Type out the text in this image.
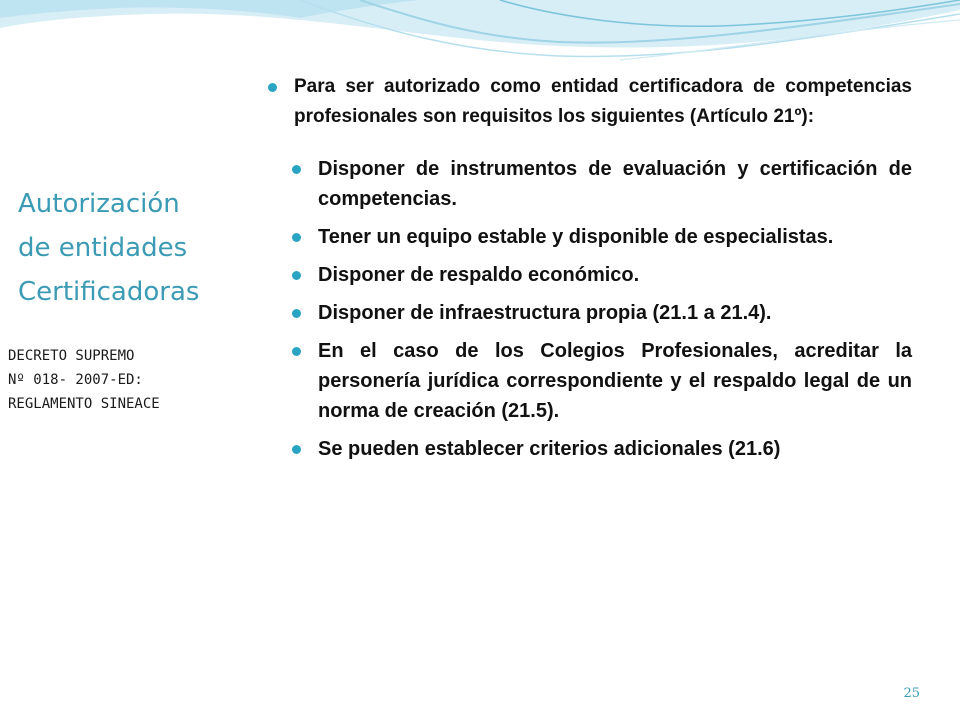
Autorización
de entidades
Certificadoras
DECRETO SUPREMO
Nº 018- 2007-ED:
REGLAMENTO SINEACE
Para ser autorizado como entidad certificadora de competencias profesionales son requisitos los siguientes (Artículo 21º):
Disponer de instrumentos de evaluación y certificación de competencias.
Tener un equipo estable y disponible de especialistas.
Disponer de respaldo económico.
Disponer de infraestructura propia (21.1 a 21.4).
En el caso de los Colegios Profesionales, acreditar la personería jurídica correspondiente y el respaldo legal de un norma de creación (21.5).
Se pueden establecer criterios adicionales (21.6)
25
